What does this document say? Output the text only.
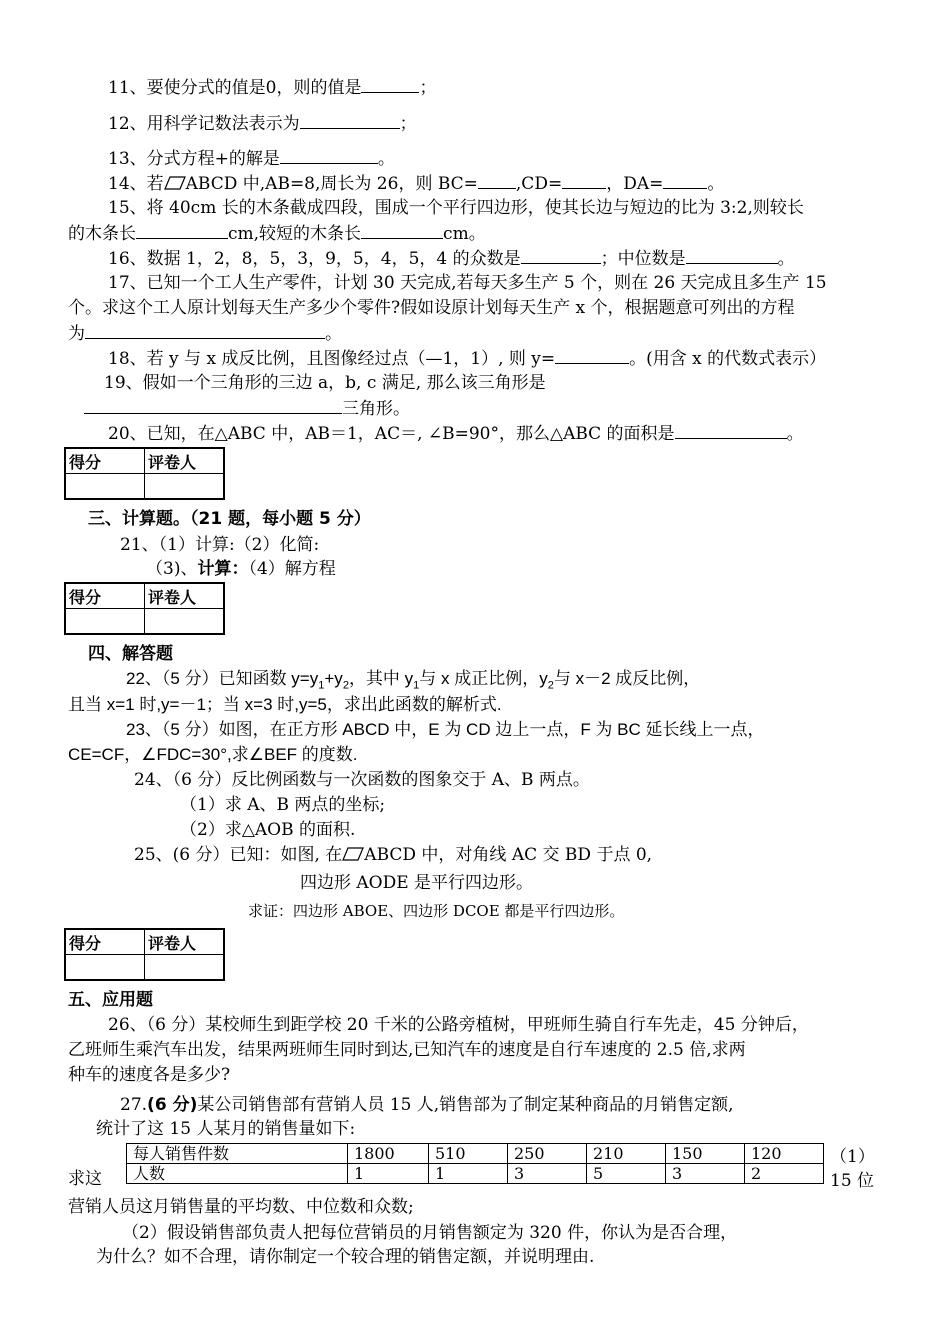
11、要使分式的值是0，则的值是	；
12、用科学记数法表示为	；
13、分式方程+的解是	。
14、若 ABCD 中,AB=8,周长为 26，则 BC= ,CD=	，DA=	。
15、将 40cm 长的木条截成四段，围成一个平行四边形，使其长边与短边的比为 3:2,则较长
的木条长	cm,较短的木条长	cm。
16、数据 1，2，8，5，3，9，5，4，5，4 的众数是	；中位数是	。
17、已知一个工人生产零件，计划 30 天完成,若每天多生产 5 个，则在 26 天完成且多生产 15
个。求这个工人原计划每天生产多少个零件?假如设原计划每天生产 x 个，根据题意可列出的方程
为	。
18、若 y 与 x 成反比例，且图像经过点（—1，1）, 则 y=	。(用含 x 的代数式表示）
19、假如一个三角形的三边 a，b, c 满足, 那么该三角形是
三角形。
20、已知，在△ABC 中，AB＝1，AC＝, ∠B=90°，那么△ABC 的面积是	。
得分	评卷人

三、计算题。（21 题，每小题 5 分）
21、（1）计算:（2）化简:
（3)、计算：（4）解方程
得分	评卷人

四、解答题
22、（5 分）已知函数 $y=y_1+y_2$，其中 $y_1$与 x 成正比例，$y_2$与 x－2 成反比例，
且当 x=1 时,y=－1；当 x=3 时,y=5，求出此函数的解析式.
23、（5 分）如图，在正方形 ABCD 中，E 为 CD 边上一点，F 为 BC 延长线上一点，
CE=CF，∠FDC=30°,求∠BEF 的度数.
24、（6 分）反比例函数与一次函数的图象交于 A、B 两点。
（1）求 A、B 两点的坐标;
（2）求△AOB 的面积.
25、(6 分）已知：如图, 在 ABCD 中，对角线 AC 交 BD 于点 0,
四边形 AODE 是平行四边形。
求证：四边形 ABOE、四边形 DCOE 都是平行四边形。
得分	评卷人

五、应用题
26、（6 分）某校师生到距学校 20 千米的公路旁植树，甲班师生骑自行车先走，45 分钟后，
乙班师生乘汽车出发，结果两班师生同时到达,已知汽车的速度是自行车速度的 2.5 倍,求两
种车的速度各是多少?
27.(6 分)某公司销售部有营销人员 15 人,销售部为了制定某种商品的月销售定额,
统计了这 15 人某月的销售量如下:
每人销售件数	1800	510	250	210	150	120
人数	1	1	3	5	3	2
求这
（1）
15 位
营销人员这月销售量的平均数、中位数和众数;
（2）假设销售部负责人把每位营销员的月销售额定为 320 件，你认为是否合理，
为什么？如不合理，请你制定一个较合理的销售定额，并说明理由.
